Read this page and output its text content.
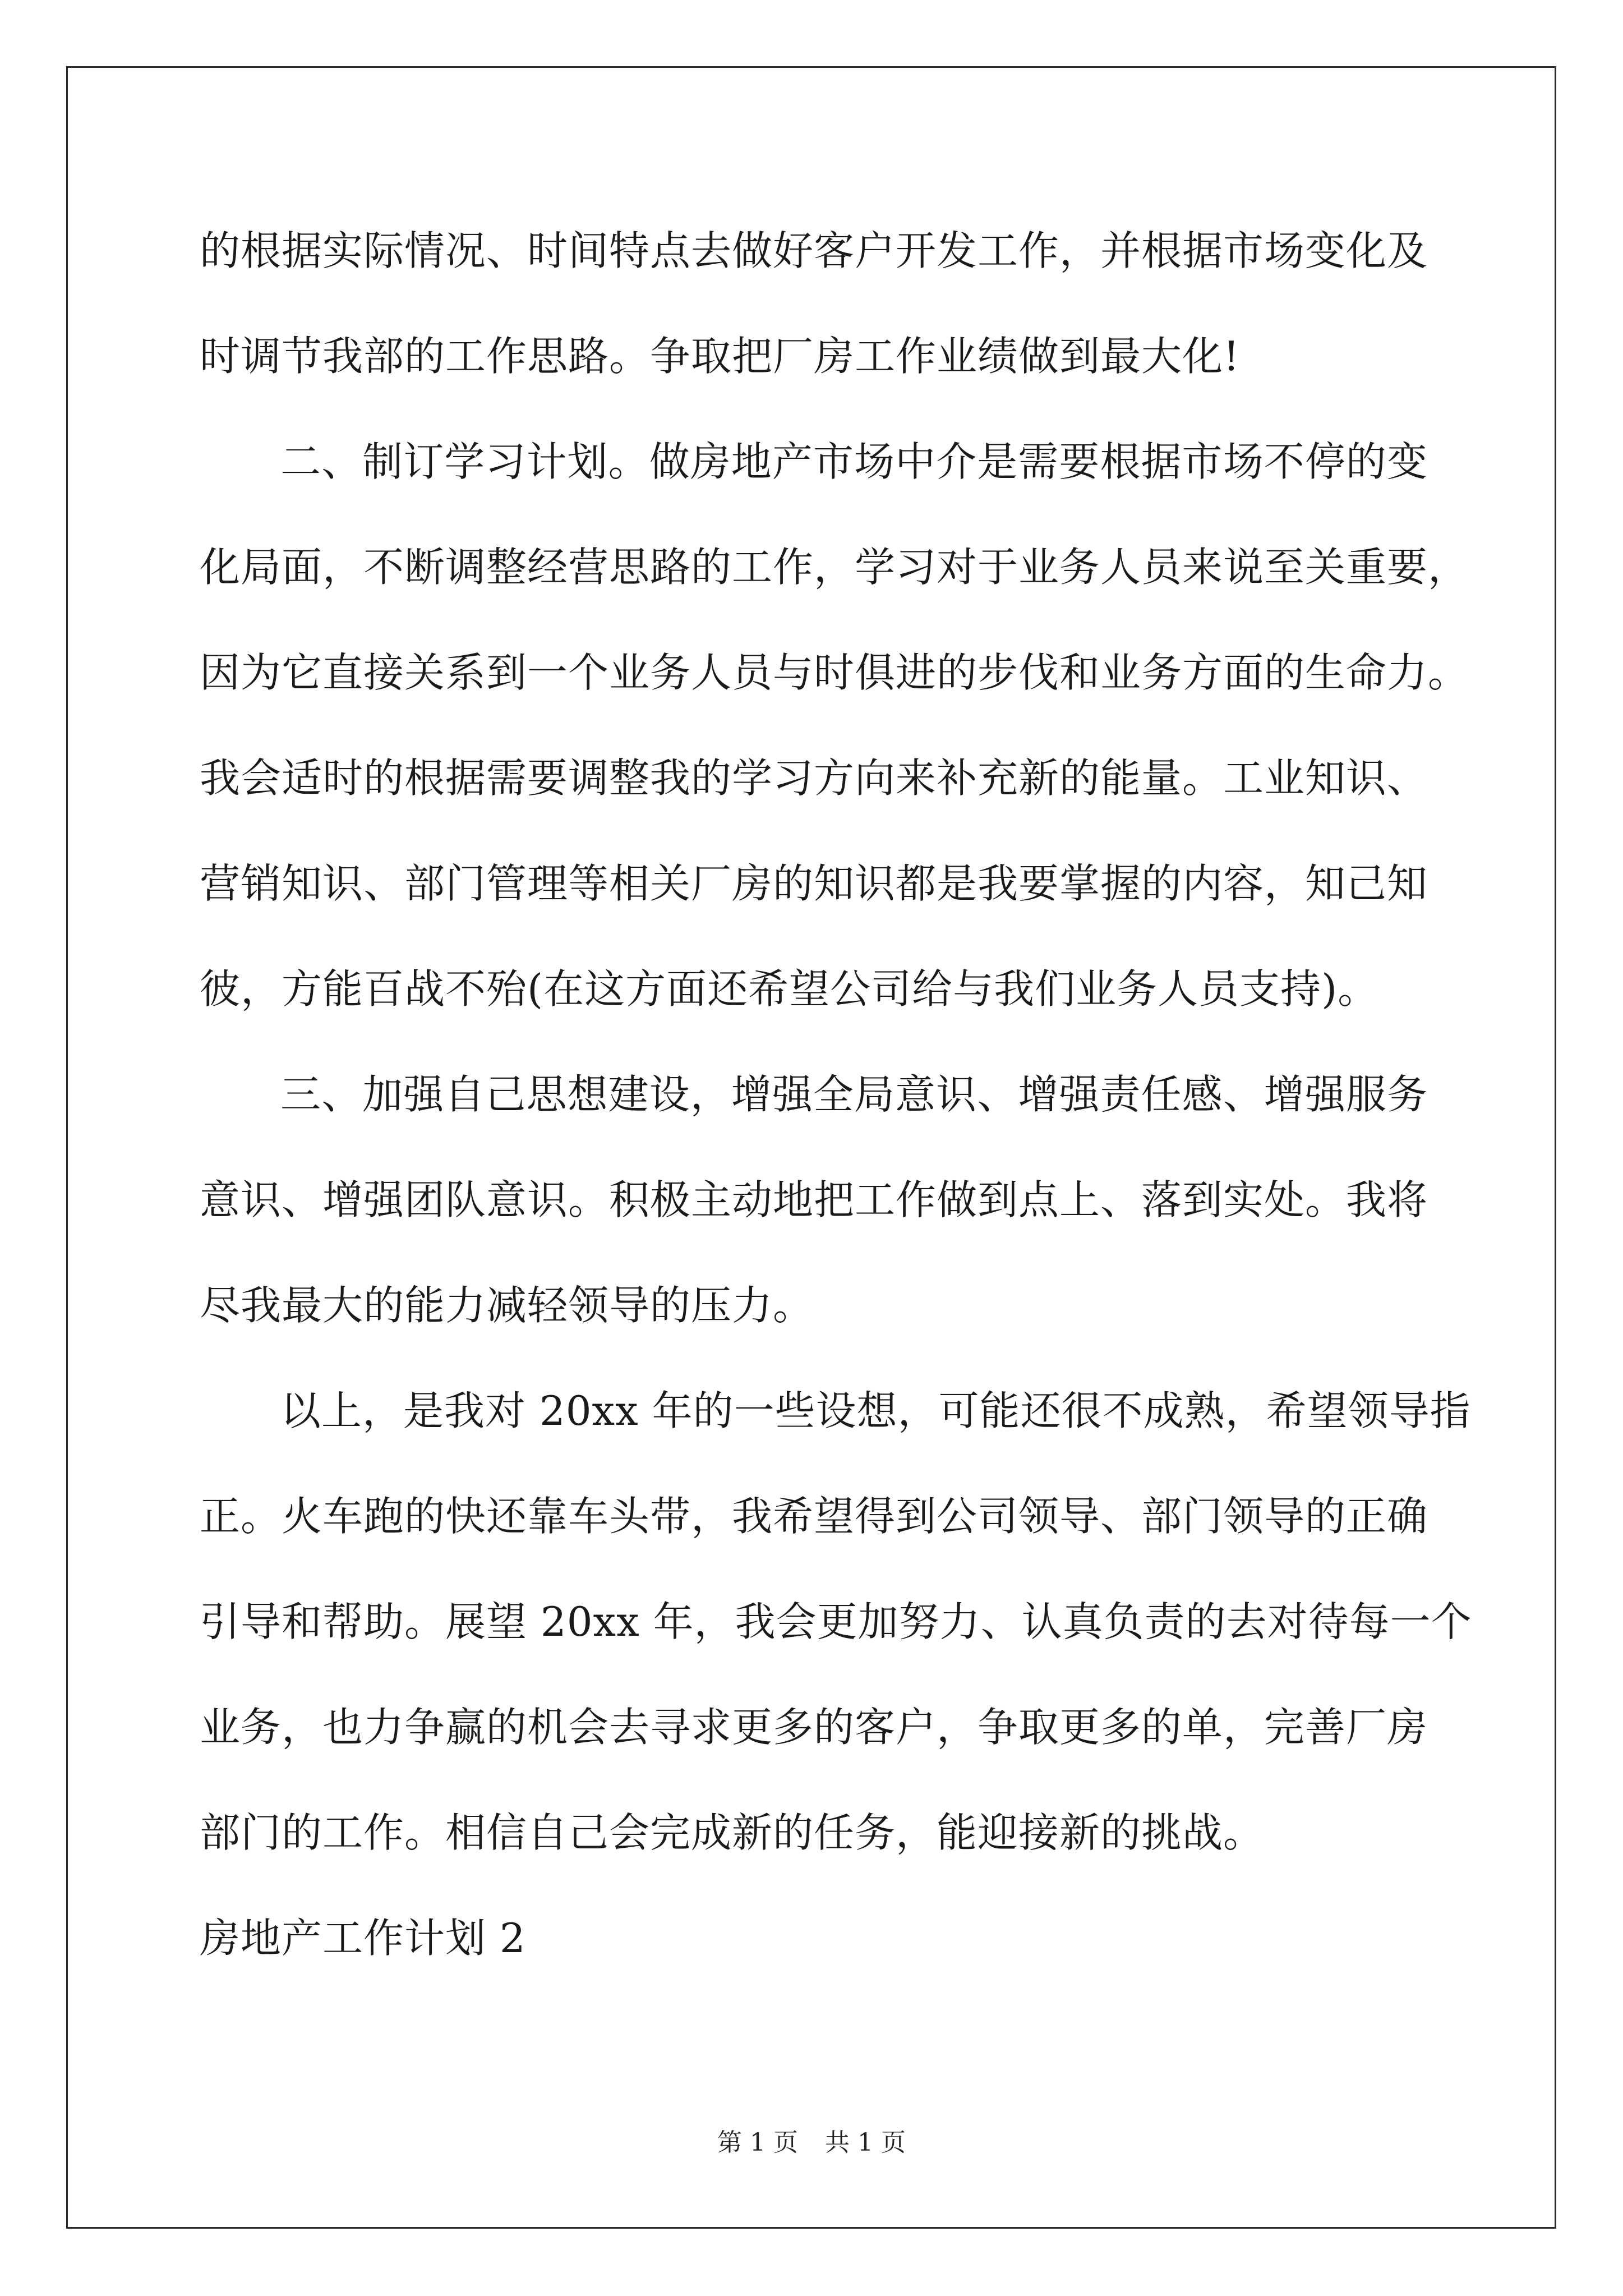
的根据实际情况、时间特点去做好客户开发工作，并根据市场变化及
时调节我部的工作思路。争取把厂房工作业绩做到最大化!
二、制订学习计划。做房地产市场中介是需要根据市场不停的变
化局面，不断调整经营思路的工作，学习对于业务人员来说至关重要，
因为它直接关系到一个业务人员与时俱进的步伐和业务方面的生命力。
我会适时的根据需要调整我的学习方向来补充新的能量。工业知识、
营销知识、部门管理等相关厂房的知识都是我要掌握的内容，知己知
彼，方能百战不殆(在这方面还希望公司给与我们业务人员支持)。
三、加强自己思想建设，增强全局意识、增强责任感、增强服务
意识、增强团队意识。积极主动地把工作做到点上、落到实处。我将
尽我最大的能力减轻领导的压力。
以上，是我对 20xx 年的一些设想，可能还很不成熟，希望领导指
正。火车跑的快还靠车头带，我希望得到公司领导、部门领导的正确
引导和帮助。展望 20xx 年，我会更加努力、认真负责的去对待每一个
业务，也力争赢的机会去寻求更多的客户，争取更多的单，完善厂房
部门的工作。相信自己会完成新的任务，能迎接新的挑战。
房地产工作计划 2
第 1 页 共 1 页
